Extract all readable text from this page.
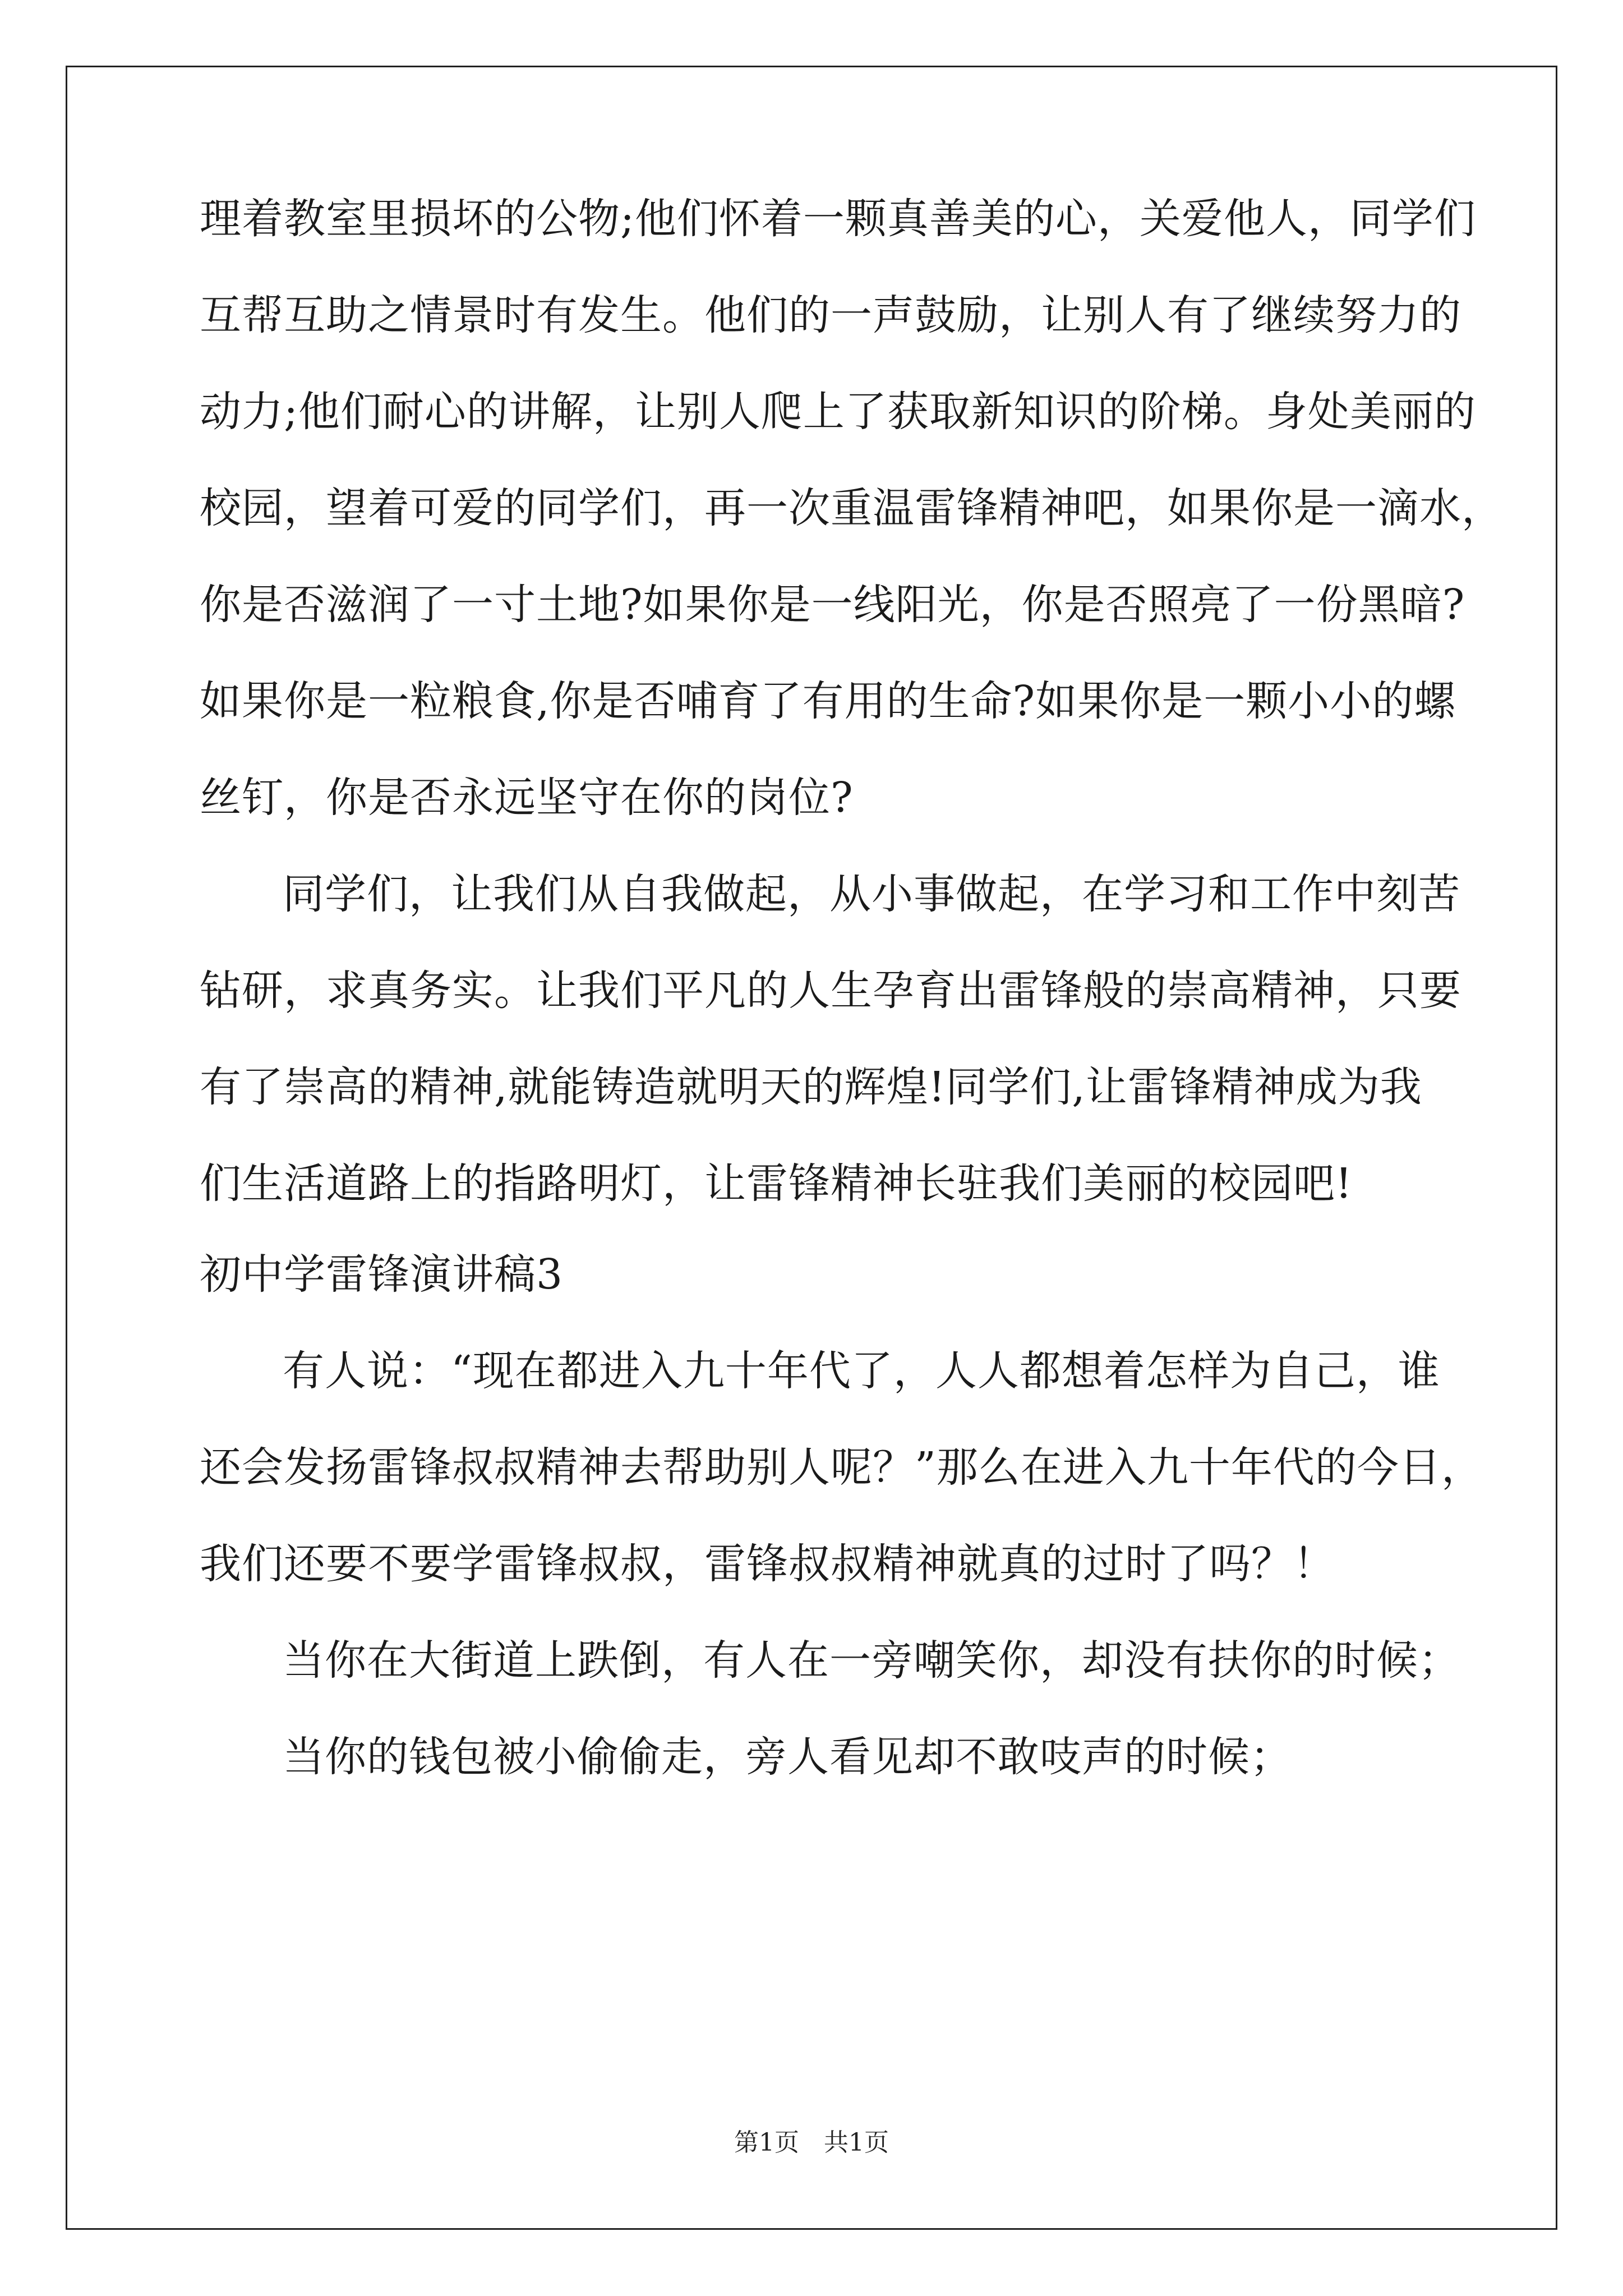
理着教室里损坏的公物;他们怀着一颗真善美的心，关爱他人，同学们
互帮互助之情景时有发生。他们的一声鼓励，让别人有了继续努力的
动力;他们耐心的讲解，让别人爬上了获取新知识的阶梯。身处美丽的
校园，望着可爱的同学们，再一次重温雷锋精神吧，如果你是一滴水，
你是否滋润了一寸土地?如果你是一线阳光，你是否照亮了一份黑暗?
如果你是一粒粮食,你是否哺育了有用的生命?如果你是一颗小小的螺
丝钉，你是否永远坚守在你的岗位?
同学们，让我们从自我做起，从小事做起，在学习和工作中刻苦
钻研，求真务实。让我们平凡的人生孕育出雷锋般的崇高精神，只要
有了崇高的精神,就能铸造就明天的辉煌!同学们,让雷锋精神成为我
们生活道路上的指路明灯，让雷锋精神长驻我们美丽的校园吧!
初中学雷锋演讲稿3
有人说：“现在都进入九十年代了，人人都想着怎样为自己，谁
还会发扬雷锋叔叔精神去帮助别人呢？”那么在进入九十年代的今日，
我们还要不要学雷锋叔叔，雷锋叔叔精神就真的过时了吗？！
当你在大街道上跌倒，有人在一旁嘲笑你，却没有扶你的时候；
当你的钱包被小偷偷走，旁人看见却不敢吱声的时候；
第1页　共1页
